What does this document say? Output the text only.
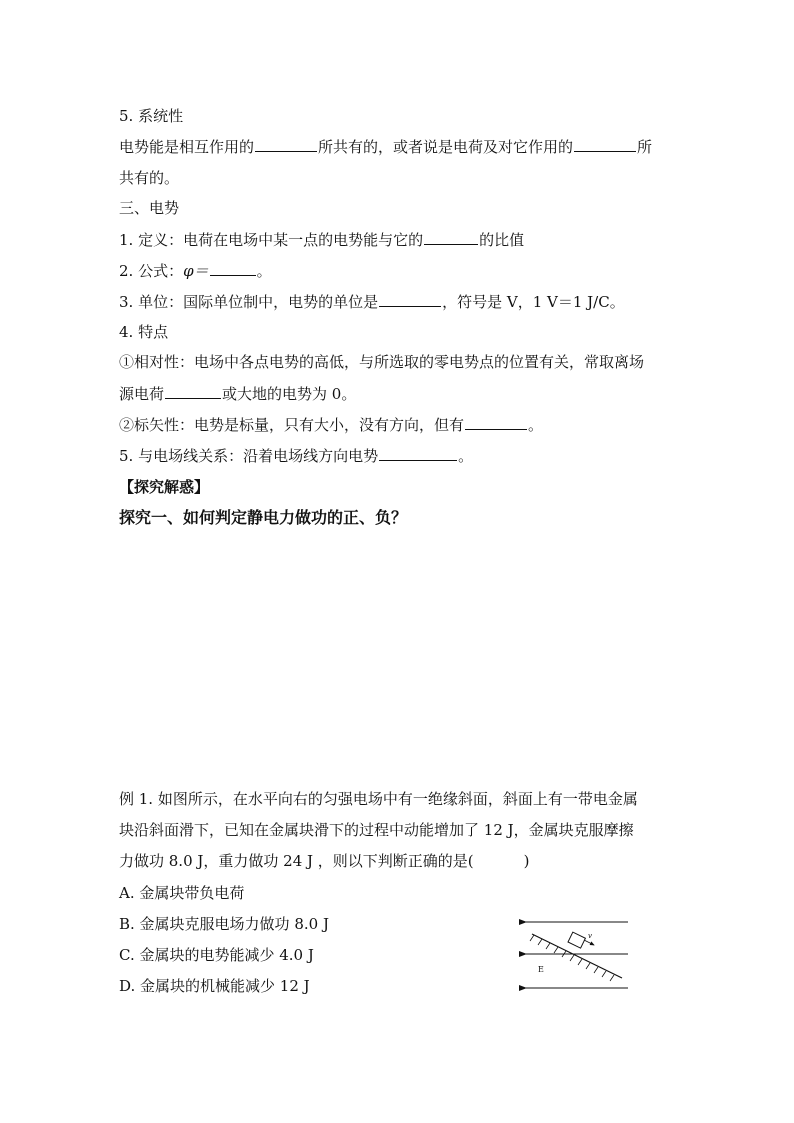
5. 系统性
电势能是相互作用的	所共有的，或者说是电荷及对它作用的	所
共有的。
三、电势
1. 定义：电荷在电场中某一点的电势能与它的	的比值
2. 公式：φ＝	。
3. 单位：国际单位制中，电势的单位是	，符号是 V，1 V＝1 J/C。
4. 特点
①相对性：电场中各点电势的高低，与所选取的零电势点的位置有关，常取离场
源电荷	或大地的电势为 0。
②标矢性：电势是标量，只有大小，没有方向，但有	。
5. 与电场线关系：沿着电场线方向电势	。
【探究解惑】
探究一、如何判定静电力做功的正、负？
例 1. 如图所示，在水平向右的匀强电场中有一绝缘斜面，斜面上有一带电金属
块沿斜面滑下，已知在金属块滑下的过程中动能增加了 12 J，金属块克服摩擦
力做功 8.0 J，重力做功 24 J ，则以下判断正确的是(	)
A. 金属块带负电荷
B. 金属块克服电场力做功 8.0 J
C. 金属块的电势能减少 4.0 J
D. 金属块的机械能减少 12 J
v
E
